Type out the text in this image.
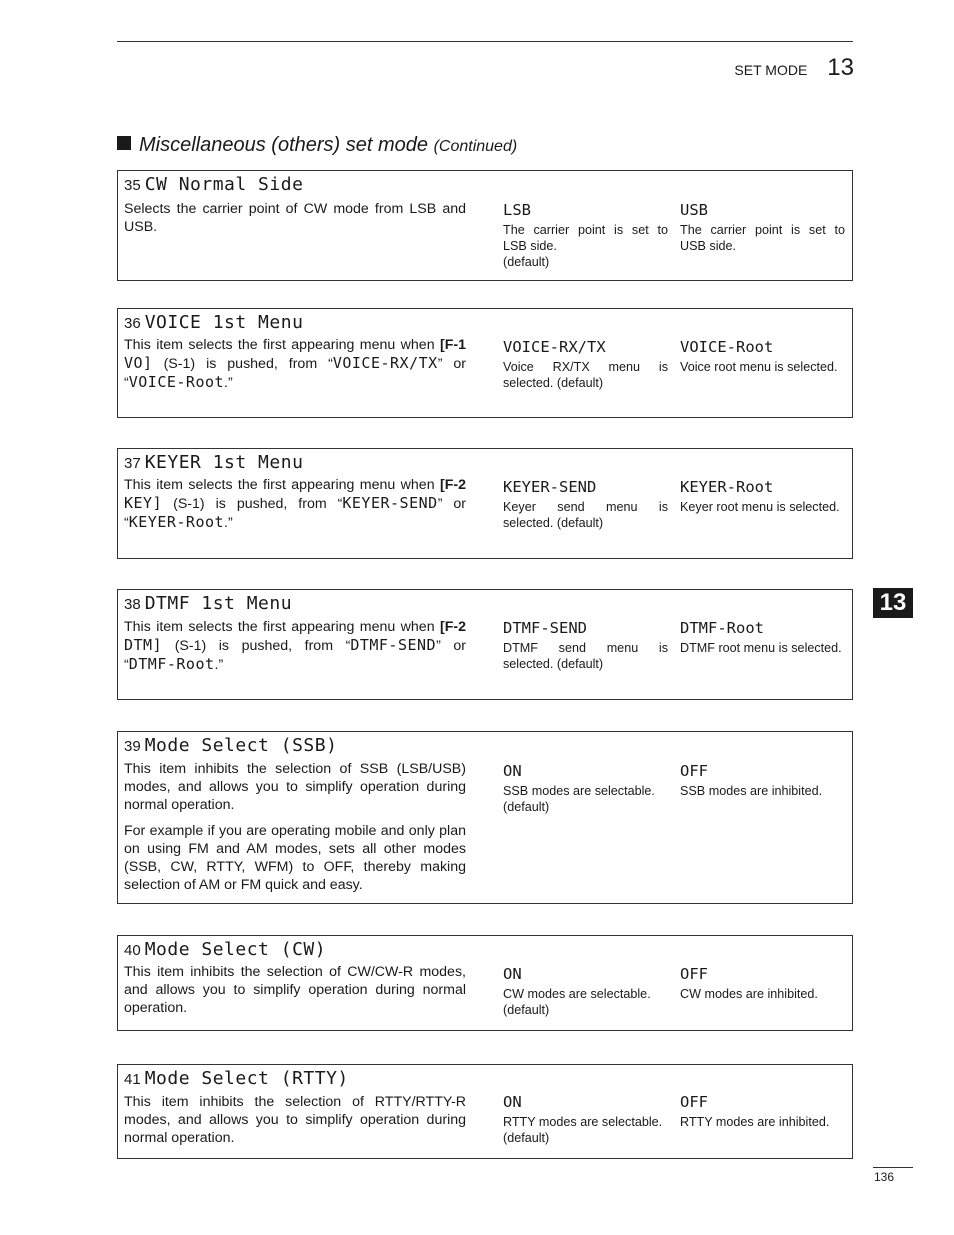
SET MODE 13
Miscellaneous (others) set mode (Continued)
13
35 CW Normal Side
Selects the carrier point of CW mode from LSB and USB.
LSB
The carrier point is set to LSB side.
(default)
USB
The carrier point is set to USB side.
36 VOICE 1st Menu
This item selects the first appearing menu when [F-1 VO] (S-1) is pushed, from “VOICE-RX/TX” or “VOICE-Root.”
VOICE-RX/TX
Voice RX/TX menu is selected. (default)
VOICE-Root
Voice root menu is selected.
37 KEYER 1st Menu
This item selects the first appearing menu when [F-2 KEY] (S-1) is pushed, from “KEYER-SEND” or “KEYER-Root.”
KEYER-SEND
Keyer send menu is selected. (default)
KEYER-Root
Keyer root menu is selected.
38 DTMF 1st Menu
This item selects the first appearing menu when [F-2 DTM] (S-1) is pushed, from “DTMF-SEND” or “DTMF-Root.”
DTMF-SEND
DTMF send menu is selected. (default)
DTMF-Root
DTMF root menu is selected.
39 Mode Select (SSB)

This item inhibits the selection of SSB (LSB/USB) modes, and allows you to simplify operation during normal operation.

For example if you are operating mobile and only plan on using FM and AM modes, sets all other modes (SSB, CW, RTTY, WFM) to OFF, thereby making selection of AM or FM quick and easy.

ON
SSB modes are selectable.
(default)
OFF
SSB modes are inhibited.
40 Mode Select (CW)
This item inhibits the selection of CW/CW-R modes, and allows you to simplify operation during normal operation.
ON
CW modes are selectable.
(default)
OFF
CW modes are inhibited.
41 Mode Select (RTTY)
This item inhibits the selection of RTTY/RTTY-R modes, and allows you to simplify operation during normal operation.
ON
RTTY modes are selectable.
(default)
OFF
RTTY modes are inhibited.
136
